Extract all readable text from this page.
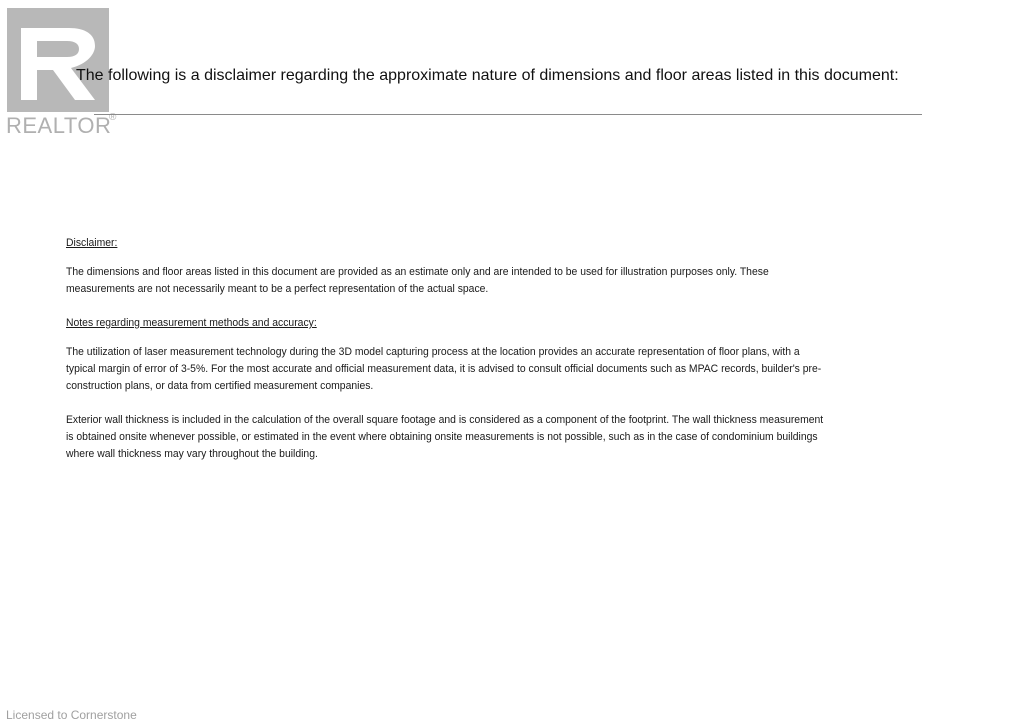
REALTOR
®
The following is a disclaimer regarding the approximate nature of dimensions and floor areas listed in this document:
Disclaimer:

The dimensions and floor areas listed in this document are provided as an estimate only and are intended to be used for illustration purposes only. These measurements are not necessarily meant to be a perfect representation of the actual space.

Notes regarding measurement methods and accuracy:

The utilization of laser measurement technology during the 3D model capturing process at the location provides an accurate representation of floor plans, with a typical margin of error of 3-5%. For the most accurate and official measurement data, it is advised to consult official documents such as MPAC records, builder's pre-construction plans, or data from certified measurement companies.

Exterior wall thickness is included in the calculation of the overall square footage and is considered as a component of the footprint. The wall thickness measurement is obtained onsite whenever possible, or estimated in the event where obtaining onsite measurements is not possible, such as in the case of condominium buildings where wall thickness may vary throughout the building.

Licensed to Cornerstone
